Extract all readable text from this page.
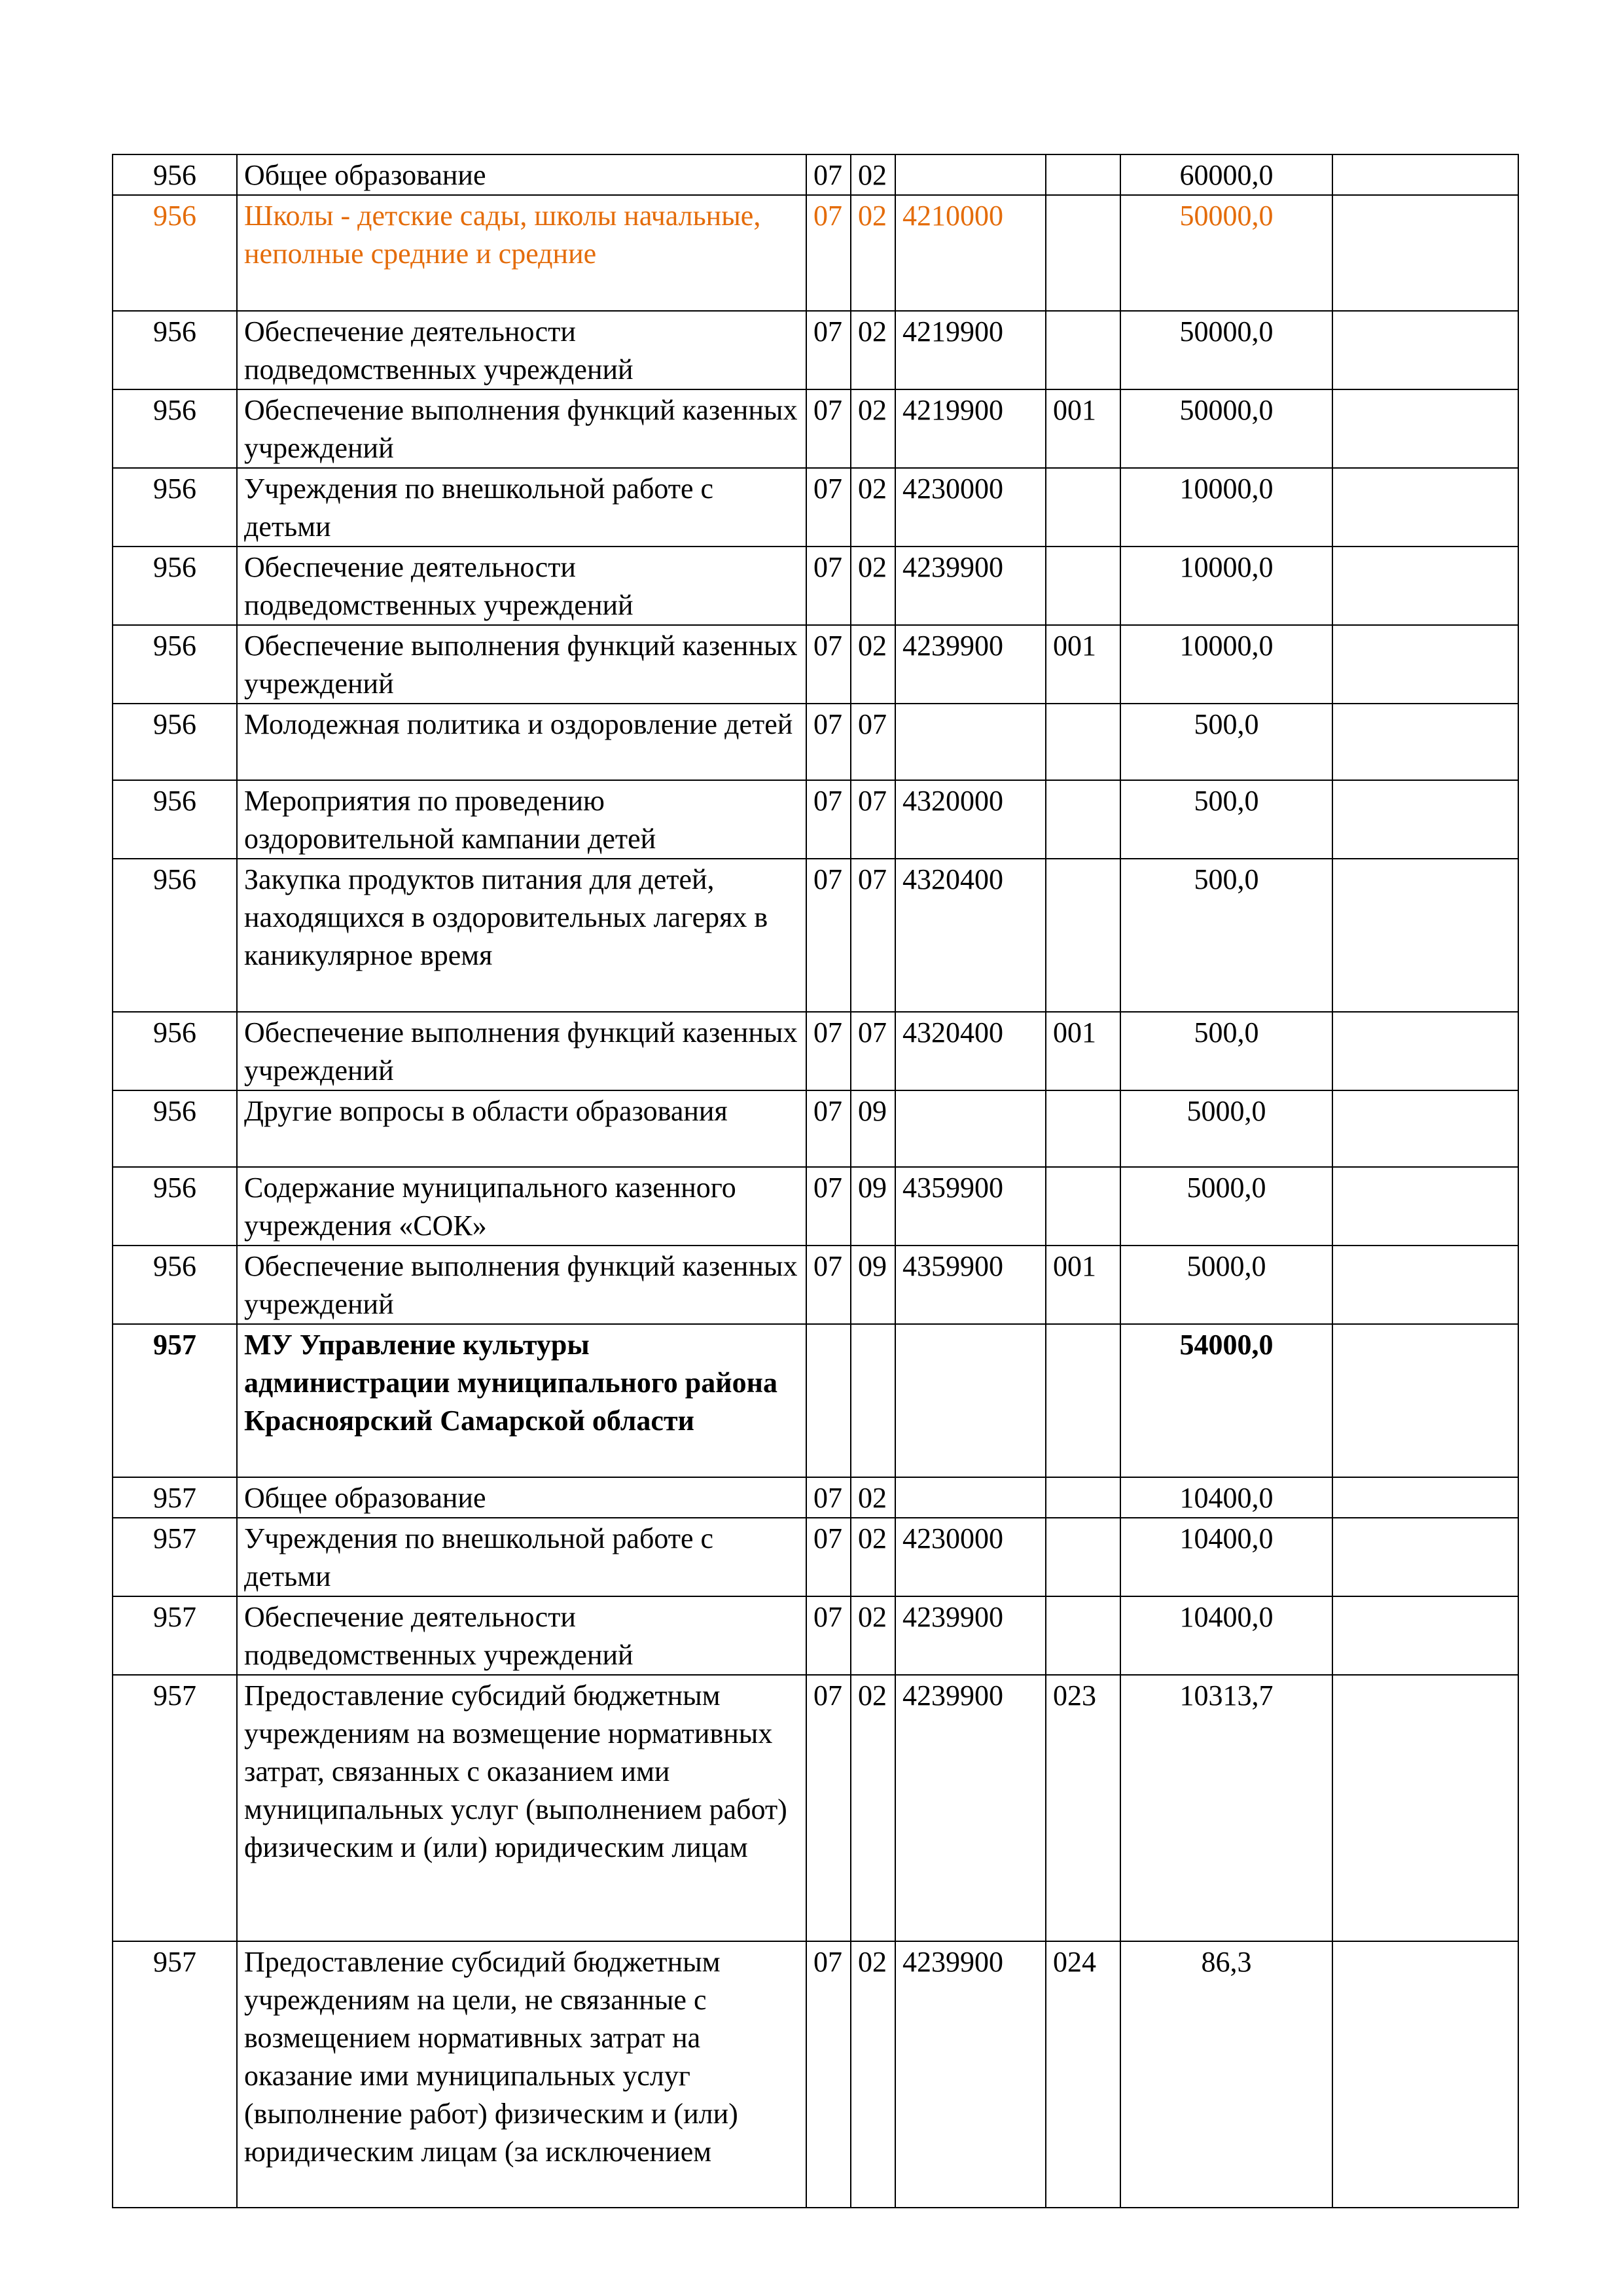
956	Общее образование	07	02			60000,0	
956	Школы - детские сады, школы начальные, неполные средние и средние	07	02	4210000		50000,0	
956	Обеспечение деятельности подведомственных учреждений	07	02	4219900		50000,0	
956	Обеспечение выполнения функций казенных учреждений	07	02	4219900	001	50000,0	
956	Учреждения по внешкольной работе с детьми	07	02	4230000		10000,0	
956	Обеспечение деятельности подведомственных учреждений	07	02	4239900		10000,0	
956	Обеспечение выполнения функций казенных учреждений	07	02	4239900	001	10000,0	
956	Молодежная политика и оздоровление детей	07	07			500,0	
956	Мероприятия по проведению оздоровительной кампании детей	07	07	4320000		500,0	
956	Закупка продуктов питания для детей, находящихся в оздоровительных лагерях в каникулярное время	07	07	4320400		500,0	
956	Обеспечение выполнения функций казенных учреждений	07	07	4320400	001	500,0	
956	Другие вопросы в области образования	07	09			5000,0	
956	Содержание муниципального казенного учреждения «СОК»	07	09	4359900		5000,0	
956	Обеспечение выполнения функций казенных учреждений	07	09	4359900	001	5000,0	
957	МУ Управление культуры администрации муниципального района Красноярский Самарской области					54000,0	
957	Общее образование	07	02			10400,0	
957	Учреждения по внешкольной работе с детьми	07	02	4230000		10400,0	
957	Обеспечение деятельности подведомственных учреждений	07	02	4239900		10400,0	
957	Предоставление субсидий бюджетным учреждениям на возмещение нормативных затрат, связанных с оказанием ими муниципальных услуг (выполнением работ) физическим и (или) юридическим лицам	07	02	4239900	023	10313,7	
957	Предоставление субсидий бюджетным учреждениям на цели, не связанные с возмещением нормативных затрат на оказание ими муниципальных услуг (выполнение работ) физическим и (или) юридическим лицам (за исключением	07	02	4239900	024	86,3	
